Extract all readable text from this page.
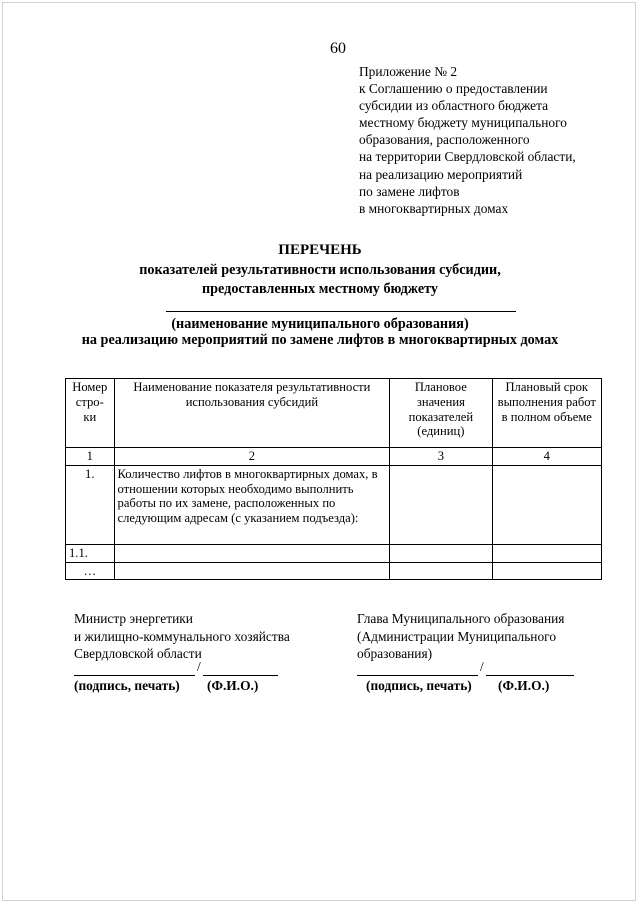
60
Приложение № 2
к Соглашению о предоставлении
субсидии из областного бюджета
местному бюджету муниципального
образования, расположенного
на территории Свердловской области,
на реализацию мероприятий
по замене лифтов
в многоквартирных домах
ПЕРЕЧЕНЬ
показателей результативности использования субсидии,
предоставленных местному бюджету
(наименование муниципального образования)
на реализацию мероприятий по замене лифтов в многоквартирных домах
Номер стро- ки	Наименование показателя результативности использования субсидий	Плановое значения показателей (единиц)	Плановый срок выполнения работ в полном объеме
1	2	3	4
1.	Количество лифтов в многоквартирных домах, в отношении которых необходимо выполнить работы по их замене, расположенных по следующим адресам (с указанием подъезда):		
1.1.			
…			
Министр энергетики
и жилищно-коммунального хозяйства
Свердловской области
/
(подпись, печать) (Ф.И.О.)
Глава Муниципального образования
(Администрации Муниципального
образования)
/
(подпись, печать) (Ф.И.О.)
